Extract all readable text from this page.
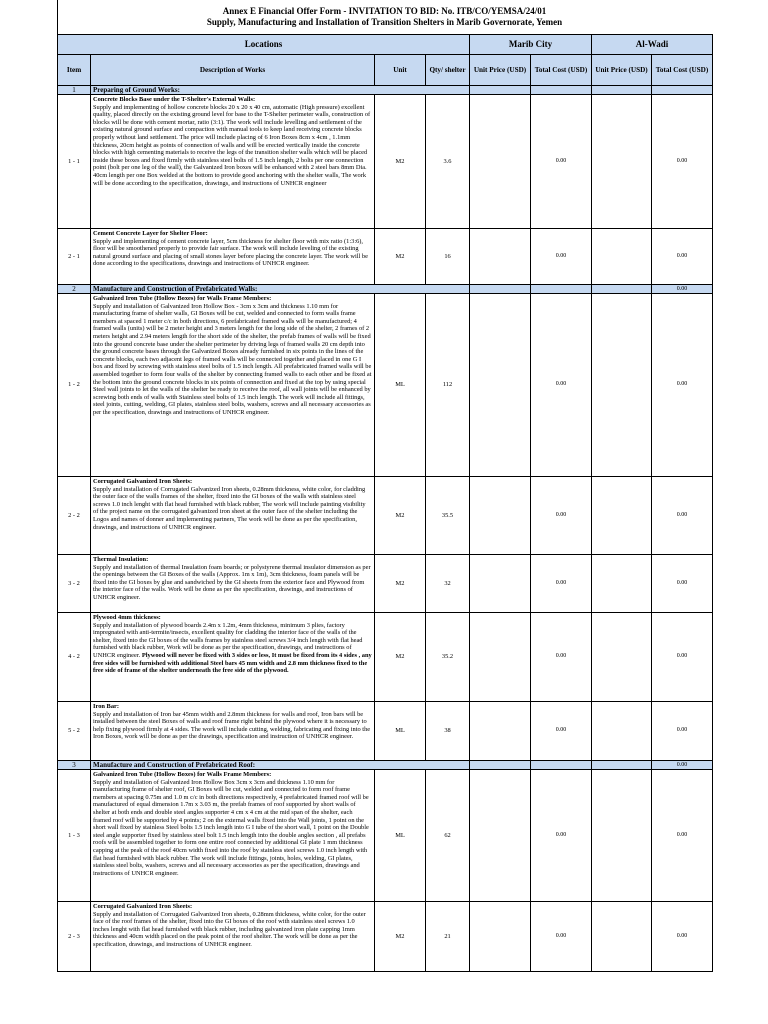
Annex E Financial Offer Form - INVITATION TO BID: No. ITB/CO/YEMSA/24/01
Supply, Manufacturing and Installation of Transition Shelters in Marib Governorate, Yemen
Locations				Marib City		Al-Wadi	
Item	Description of Works	Unit	Qty/ shelter	Unit Price (USD)	Total Cost (USD)	Unit Price (USD)	Total Cost (USD)
1	Preparing of Ground Works:						
1 - 1	Concrete Blocks Base under the T-Shelter's External Walls:
Supply and implementing of hollow concrete blocks 20 x 20 x 40 cm, automatic (High pressure) excellent quality, placed directly on the existing ground level for base to the T-Shelter perimeter walls, construction of blocks will be done with cement mortar, ratio (3:1). The work will include levelling and settlement of the existing natural ground surface and compaction with manual tools to keep land receiving concrete blocks properly without land settlement. The price will include placing of 6 Iron Boxes 8cm x 4cm , 1.1mm thickness, 20cm height as points of connection of walls and will be erected vertically inside the concrete blocks with high cementing materials to receive the legs of the transition shelter walls which will be placed inside these boxes and fixed firmly with stainless steel bolts of 1.5 inch length, 2 bolts per one connection point (bolt per one leg of the wall), the Galvanized Iron boxes will be enhanced with 2 steel bars 8mm Dia. 40cm length per one Box welded at the bottom to provide good anchoring with the shelter walls, The work will be done according to the specification, drawings, and instructions of UNHCR engineer	M2	3.6		0.00		0.00
2 - 1	Cement Concrete Layer for Shelter Floor:
Supply and implementing of cement concrete layer, 5cm thickness for shelter floor with mix ratio (1:3:6), floor will be smoothened properly to provide fair surface. The work will include leveling of the existing natural ground surface and placing of small stones layer before placing the concrete layer. The work will be done according to the specifications, drawings and instructions of UNHCR engineer.	M2	16		0.00		0.00
2	Manufacture and Construction of Prefabricated Walls:						0.00
1 - 2	Galvanized Iron Tube (Hollow Boxes) for Walls Frame Members:
Supply and installation of Galvanized Iron Hollow Box - 3cm x 3cm and thickness 1.10 mm for manufacturing frame of shelter walls, GI Boxes will be cut, welded and connected to form walls frame members at spaced 1 meter c/c in both directions, 6 prefabricated framed walls will be manufactured; 4 framed walls (units) will be 2 meter height and 3 meters length for the long side of the shelter, 2 frames of 2 meters height and 2.94 meters length for the short side of the shelter, the prefab frames of walls will be fixed into the ground concrete base under the shelter perimeter by driving legs of framed walls 20 cm depth into the ground concrete bases through the Galvanized Boxes already furnished in six points in the lines of the concrete blocks, each two adjacent legs of framed walls will be connected together and placed in one G I box and fixed by screwing with stainless steel bolts of 1.5 inch length. All prefabricated framed walls will be assembled together to form four walls of the shelter by connecting framed walls to each other and be fixed at the bottom into the ground concrete blocks in six points of connection and fixed at the top by using special Steel wall joints to let the walls of the shelter be ready to receive the roof, all wall joints will be enhanced by screwing both ends of walls with Stainless steel bolts of 1.5 inch length. The work will include all fittings, steel joints, cutting, welding, GI plates, stainless steel bolts, washers, screws and all necessary accessories as per the specification, drawings and instructions of UNHCR engineer.	ML	112		0.00		0.00
2 - 2	Corrugated Galvanized Iron Sheets:
Supply and installation of Corrugated Galvanized Iron sheets, 0.28mm thickness, white color, for cladding the outer face of the walls frames of the shelter, fixed into the GI boxes of the walls with stainless steel screws 1.0 inch lenght with flat head furnished with black rubber, The work will include painting visibility of the project name on the corrugated galvanized iron sheet at the outer face of the shelter including the Logos and names of donner and implementing partners, The work will be done as per the specification, drawings, and instructions of UNHCR engineer.	M2	35.5		0.00		0.00
3 - 2	Thermal Insulation:
Supply and installation of thermal Insulation foam boards; or polystyrene thermal insulator dimension as per the openings between the GI Boxes of the walls (Approx. 1m x 1m), 3cm thickness, foam panels will be fixed into the GI boxes by glue and sandwiched by the GI sheets from the exterior face and Plywood from the interior face of the walls. Work will be done as per the specification, drawings, and instructions of UNHCR engineer.	M2	32		0.00		0.00
4 - 2	Plywood 4mm thickness:
Supply and installation of plywood boards 2.4m x 1.2m, 4mm thickness, minimum 3 plies, factory impregnated with anti-termite/insects, excellent quality for cladding the interior face of the walls of the shelter, fixed into the GI boxes of the walls frames by stainless steel screws 3/4 inch length with flat head furnished with black rubber, Work will be done as per the specification, drawings, and instructions of UNHCR engineer. Plywood will never be fixed with 3 sides or less, It must be fixed from its 4 sides , any free sides will be furnished with additional Steel bars 45 mm width and 2.8 mm thickness fixed to the free side of frame of the shelter underneath the free side of the plywood.	M2	35.2		0.00		0.00
5 - 2	Iron Bar:
Supply and installation of Iron bar 45mm width and 2.8mm thickness for walls and roof, Iron bars will be installed between the steel Boxes of walls and roof frame right behind the plywood where it is necessary to help fixing plywood firmly at 4 sides. The work will include cutting, welding, fabricating and fixing into the Iron Boxes, work will be done as per the drawings, specification and instruction of UNHCR engineer.	ML	38		0.00		0.00
3	Manufacture and Construction of Prefabricated Roof:						0.00
1 - 3	Galvanized Iron Tube (Hollow Boxes) for Walls Frame Members:
Supply and installation of Galvanized Iron Hollow Box 3cm x 3cm and thickness 1.10 mm for manufacturing frame of shelter roof, GI Boxes will be cut, welded and connected to form roof frame members at spacing 0.75m and 1.0 m c/c in both directions respectively, 4 prefabricated framed roof will be manufactured of equal dimension 1.7m x 3.03 m, the prefab frames of roof supported by short walls of shelter at both ends and double steel angles supporter 4 cm x 4 cm at the mid span of the shelter, each framed roof will be supported by 4 points; 2 on the external walls fixed into the Wall joints, 1 point on the short wall fixed by stainless Steel bolts 1.5 inch length into G I tube of the short wall, 1 point on the Double steel angle supporter fixed by stainless steel bolt 1.5 inch length into the double angles section , all prefabs roofs will be assembled together to form one entire roof connected by additional GI plate 1 mm thickness capping at the peak of the roof 40cm width fixed into the roof by stainless steel screws 1.0 inch length with flat head furnished with black rubber. The work will include fittings, joints, holes, welding, GI plates, stainless steel bolts, washers, screws and all necessary accessories as per the specification, drawings and instructions of UNHCR engineer.	ML	62		0.00		0.00
2 - 3	Corrugated Galvanized Iron Sheets:
Supply and installation of Corrugated Galvanized Iron sheets, 0.28mm thickness, white color, for the outer face of the roof frames of the shelter, fixed into the GI boxes of the roof with stainless steel screws 1.0 inches lenght with flat head furnished with black rubber, including galvanized iron plate capping 1mm thickness and 40cm width placed on the peak point of the roof shelter. The work will be done as per the specification, drawings, and instructions of UNHCR engineer.	M2	21		0.00		0.00
